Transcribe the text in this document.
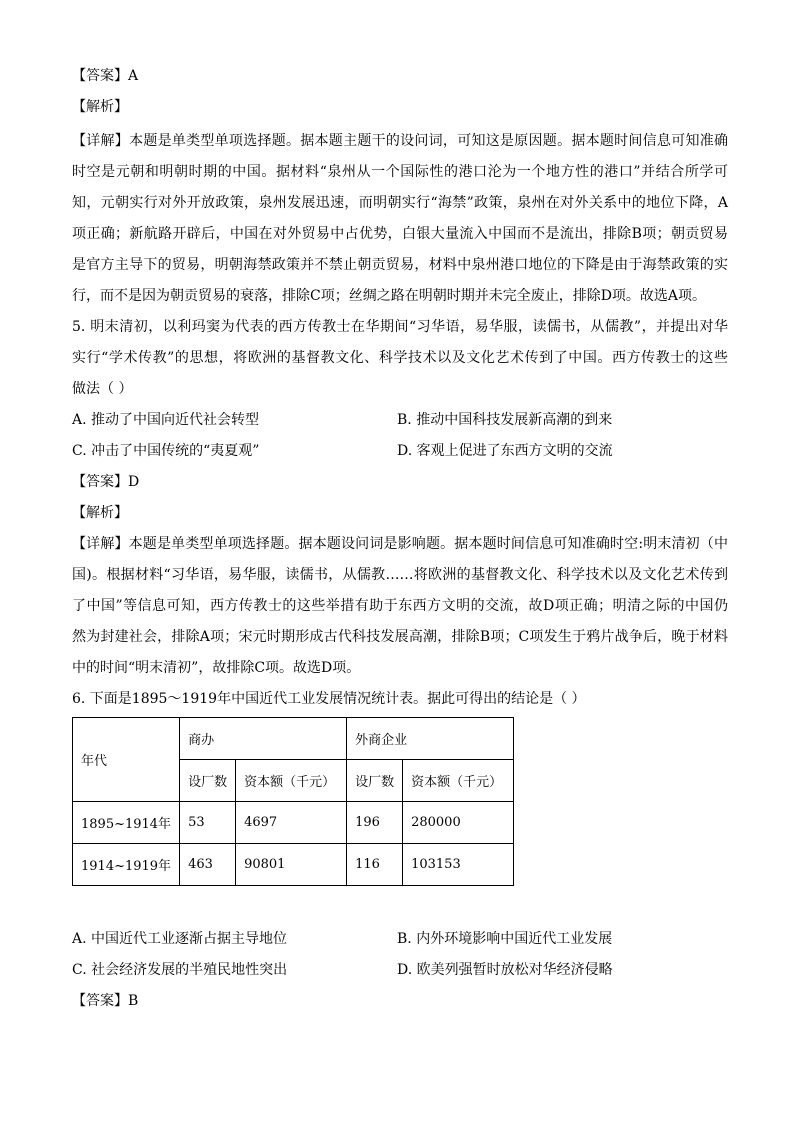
【答案】A
【解析】
【详解】本题是单类型单项选择题。据本题主题干的设问词，可知这是原因题。据本题时间信息可知准确
时空是元朝和明朝时期的中国。据材料“泉州从一个国际性的港口沦为一个地方性的港口”并结合所学可
知，元朝实行对外开放政策，泉州发展迅速，而明朝实行“海禁”政策，泉州在对外关系中的地位下降，A
项正确；新航路开辟后，中国在对外贸易中占优势，白银大量流入中国而不是流出，排除B项；朝贡贸易
是官方主导下的贸易，明朝海禁政策并不禁止朝贡贸易，材料中泉州港口地位的下降是由于海禁政策的实
行，而不是因为朝贡贸易的衰落，排除C项；丝绸之路在明朝时期并未完全废止，排除D项。故选A项。
5. 明末清初，以利玛窦为代表的西方传教士在华期间“习华语，易华服，读儒书，从儒教”，并提出对华
实行“学术传教”的思想，将欧洲的基督教文化、科学技术以及文化艺术传到了中国。西方传教士的这些
做法（ ）
A. 推动了中国向近代社会转型	B. 推动中国科技发展新高潮的到来
C. 冲击了中国传统的“夷夏观”	D. 客观上促进了东西方文明的交流
【答案】D
【解析】
【详解】本题是单类型单项选择题。据本题设问词是影响题。据本题时间信息可知准确时空:明末清初（中
国)。根据材料“习华语，易华服，读儒书，从儒教……将欧洲的基督教文化、科学技术以及文化艺术传到
了中国”等信息可知，西方传教士的这些举措有助于东西方文明的交流，故D项正确；明清之际的中国仍
然为封建社会，排除A项；宋元时期形成古代科技发展高潮，排除B项；C项发生于鸦片战争后，晚于材料
中的时间“明末清初”，故排除C项。故选D项。
6. 下面是1895～1919年中国近代工业发展情况统计表。据此可得出的结论是（ ）
年代	商办		外商企业	
	设厂数	资本额（千元）	设厂数	资本额（千元）
1895~1914年	53	4697	196	280000
1914~1919年	463	90801	116	103153
A. 中国近代工业逐渐占据主导地位	B. 内外环境影响中国近代工业发展
C. 社会经济发展的半殖民地性突出	D. 欧美列强暂时放松对华经济侵略
【答案】B
